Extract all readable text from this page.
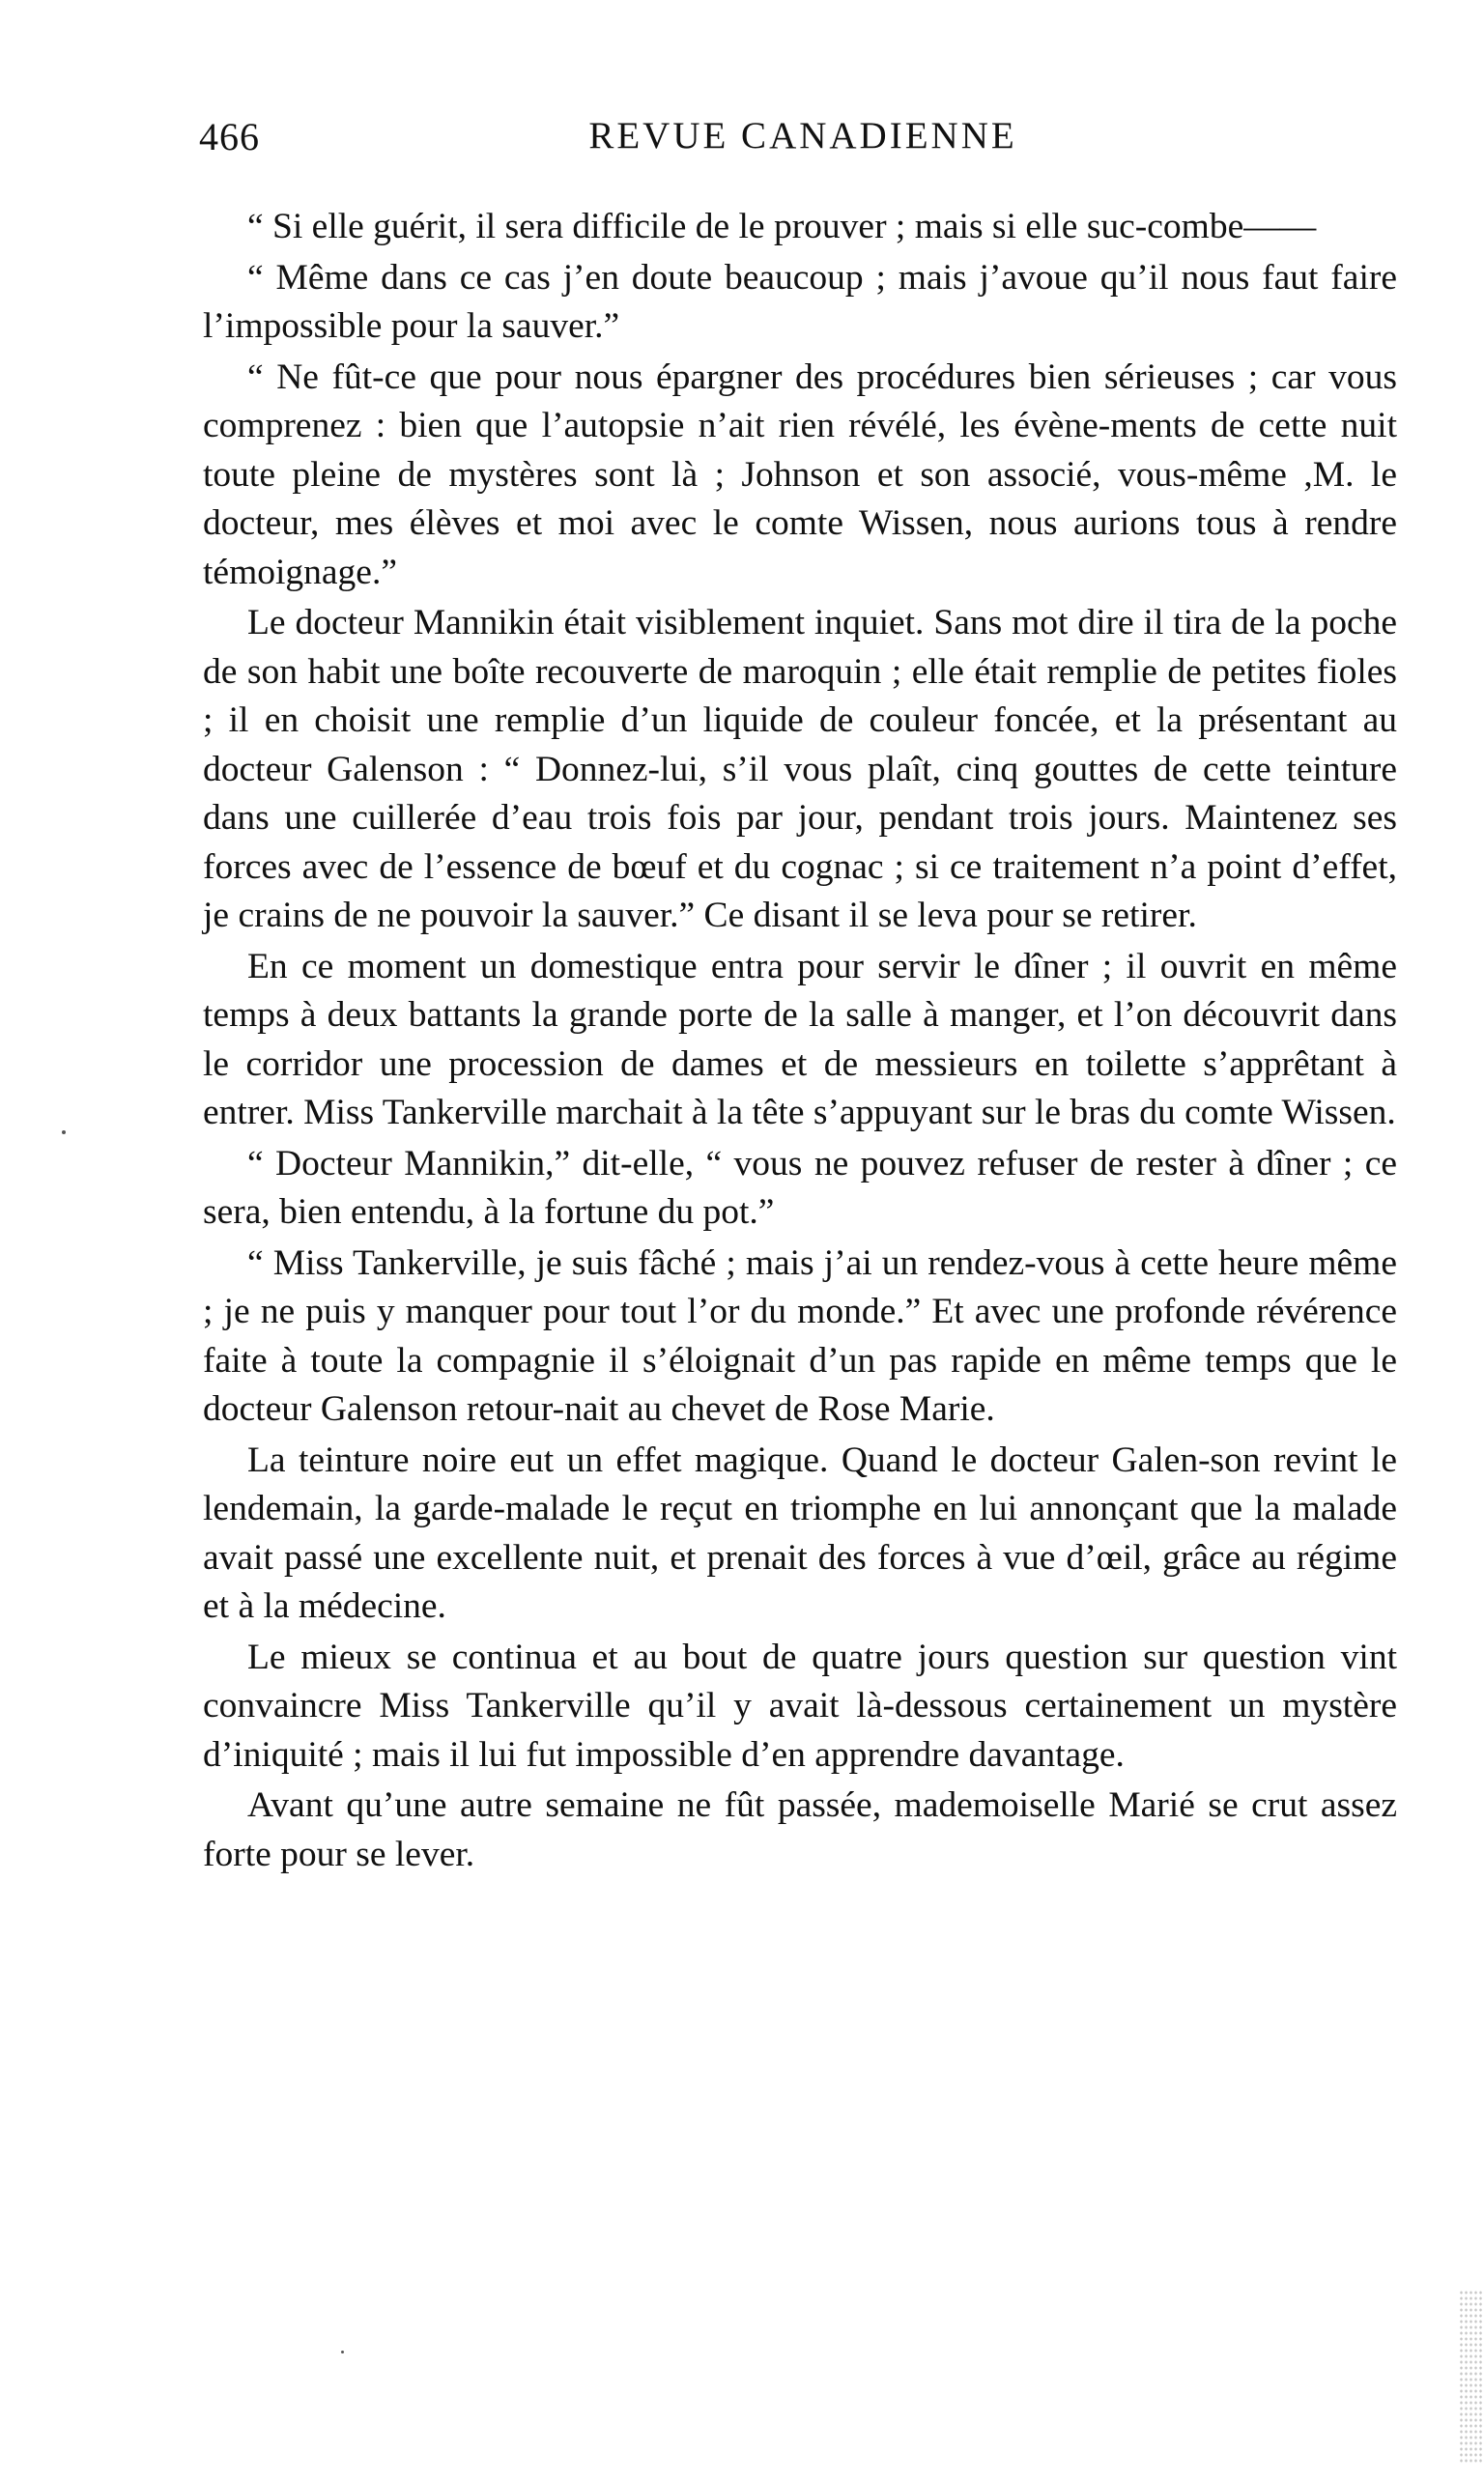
466	REVUE CANADIENNE

“ Si elle guérit, il sera difficile de le prouver ; mais si elle suc-combe——

“ Même dans ce cas j’en doute beaucoup ; mais j’avoue qu’il nous faut faire l’impossible pour la sauver.”

“ Ne fût-ce que pour nous épargner des procédures bien sérieuses ; car vous comprenez : bien que l’autopsie n’ait rien révélé, les évène-ments de cette nuit toute pleine de mystères sont là ; Johnson et son associé, vous-même ,M. le docteur, mes élèves et moi avec le comte Wissen, nous aurions tous à rendre témoignage.”

Le docteur Mannikin était visiblement inquiet. Sans mot dire il tira de la poche de son habit une boîte recouverte de maroquin ; elle était remplie de petites fioles ; il en choisit une remplie d’un liquide de couleur foncée, et la présentant au docteur Galenson : “ Donnez-lui, s’il vous plaît, cinq gouttes de cette teinture dans une cuillerée d’eau trois fois par jour, pendant trois jours. Maintenez ses forces avec de l’essence de bœuf et du cognac ; si ce traitement n’a point d’effet, je crains de ne pouvoir la sauver.” Ce disant il se leva pour se retirer.

En ce moment un domestique entra pour servir le dîner ; il ouvrit en même temps à deux battants la grande porte de la salle à manger, et l’on découvrit dans le corridor une procession de dames et de messieurs en toilette s’apprêtant à entrer. Miss Tankerville marchait à la tête s’appuyant sur le bras du comte Wissen.

“ Docteur Mannikin,” dit-elle, “ vous ne pouvez refuser de rester à dîner ; ce sera, bien entendu, à la fortune du pot.”

“ Miss Tankerville, je suis fâché ; mais j’ai un rendez-vous à cette heure même ; je ne puis y manquer pour tout l’or du monde.” Et avec une profonde révérence faite à toute la compagnie il s’éloignait d’un pas rapide en même temps que le docteur Galenson retour-nait au chevet de Rose Marie.

La teinture noire eut un effet magique. Quand le docteur Galen-son revint le lendemain, la garde-malade le reçut en triomphe en lui annonçant que la malade avait passé une excellente nuit, et prenait des forces à vue d’œil, grâce au régime et à la médecine.

Le mieux se continua et au bout de quatre jours question sur question vint convaincre Miss Tankerville qu’il y avait là-dessous certainement un mystère d’iniquité ; mais il lui fut impossible d’en apprendre davantage.

Avant qu’une autre semaine ne fût passée, mademoiselle Marié se crut assez forte pour se lever.
